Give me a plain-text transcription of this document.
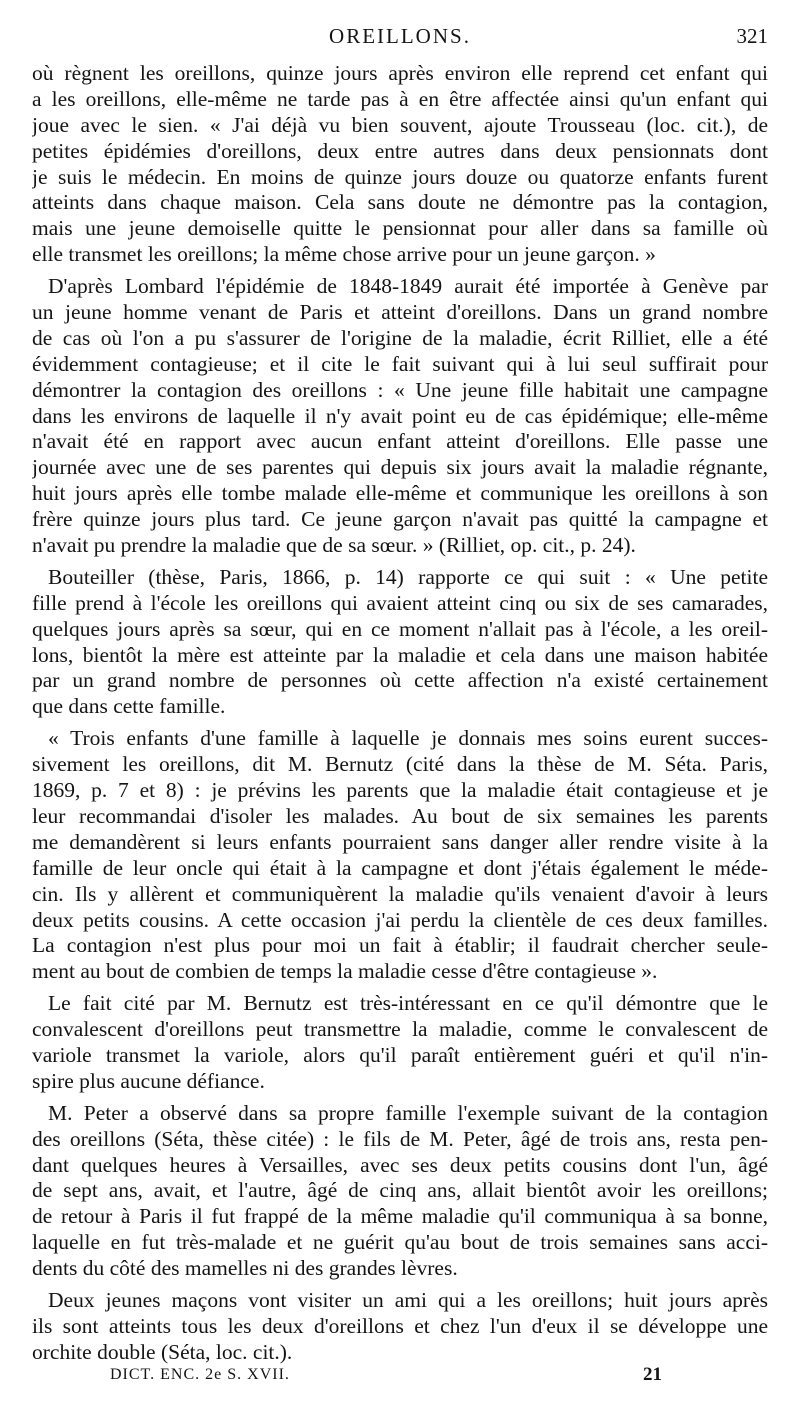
OREILLONS.	321
où règnent les oreillons, quinze jours après environ elle reprend cet enfant qui
a les oreillons, elle-même ne tarde pas à en être affectée ainsi qu'un enfant qui
joue avec le sien. « J'ai déjà vu bien souvent, ajoute Trousseau (loc. cit.), de
petites épidémies d'oreillons, deux entre autres dans deux pensionnats dont
je suis le médecin. En moins de quinze jours douze ou quatorze enfants furent
atteints dans chaque maison. Cela sans doute ne démontre pas la contagion,
mais une jeune demoiselle quitte le pensionnat pour aller dans sa famille où
elle transmet les oreillons; la même chose arrive pour un jeune garçon. »
D'après Lombard l'épidémie de 1848-1849 aurait été importée à Genève par
un jeune homme venant de Paris et atteint d'oreillons. Dans un grand nombre
de cas où l'on a pu s'assurer de l'origine de la maladie, écrit Rilliet, elle a été
évidemment contagieuse; et il cite le fait suivant qui à lui seul suffirait pour
démontrer la contagion des oreillons : « Une jeune fille habitait une campagne
dans les environs de laquelle il n'y avait point eu de cas épidémique; elle-même
n'avait été en rapport avec aucun enfant atteint d'oreillons. Elle passe une
journée avec une de ses parentes qui depuis six jours avait la maladie régnante,
huit jours après elle tombe malade elle-même et communique les oreillons à son
frère quinze jours plus tard. Ce jeune garçon n'avait pas quitté la campagne et
n'avait pu prendre la maladie que de sa sœur. » (Rilliet, op. cit., p. 24).
Bouteiller (thèse, Paris, 1866, p. 14) rapporte ce qui suit : « Une petite
fille prend à l'école les oreillons qui avaient atteint cinq ou six de ses camarades,
quelques jours après sa sœur, qui en ce moment n'allait pas à l'école, a les oreil-
lons, bientôt la mère est atteinte par la maladie et cela dans une maison habitée
par un grand nombre de personnes où cette affection n'a existé certainement
que dans cette famille.
« Trois enfants d'une famille à laquelle je donnais mes soins eurent succes-
sivement les oreillons, dit M. Bernutz (cité dans la thèse de M. Séta. Paris,
1869, p. 7 et 8) : je prévins les parents que la maladie était contagieuse et je
leur recommandai d'isoler les malades. Au bout de six semaines les parents
me demandèrent si leurs enfants pourraient sans danger aller rendre visite à la
famille de leur oncle qui était à la campagne et dont j'étais également le méde-
cin. Ils y allèrent et communiquèrent la maladie qu'ils venaient d'avoir à leurs
deux petits cousins. A cette occasion j'ai perdu la clientèle de ces deux familles.
La contagion n'est plus pour moi un fait à établir; il faudrait chercher seule-
ment au bout de combien de temps la maladie cesse d'être contagieuse ».
Le fait cité par M. Bernutz est très-intéressant en ce qu'il démontre que le
convalescent d'oreillons peut transmettre la maladie, comme le convalescent de
variole transmet la variole, alors qu'il paraît entièrement guéri et qu'il n'in-
spire plus aucune défiance.
M. Peter a observé dans sa propre famille l'exemple suivant de la contagion
des oreillons (Séta, thèse citée) : le fils de M. Peter, âgé de trois ans, resta pen-
dant quelques heures à Versailles, avec ses deux petits cousins dont l'un, âgé
de sept ans, avait, et l'autre, âgé de cinq ans, allait bientôt avoir les oreillons;
de retour à Paris il fut frappé de la même maladie qu'il communiqua à sa bonne,
laquelle en fut très-malade et ne guérit qu'au bout de trois semaines sans acci-
dents du côté des mamelles ni des grandes lèvres.
Deux jeunes maçons vont visiter un ami qui a les oreillons; huit jours après
ils sont atteints tous les deux d'oreillons et chez l'un d'eux il se développe une
orchite double (Séta, loc. cit.).
DICT. ENC. 2e S. XVII.	21
